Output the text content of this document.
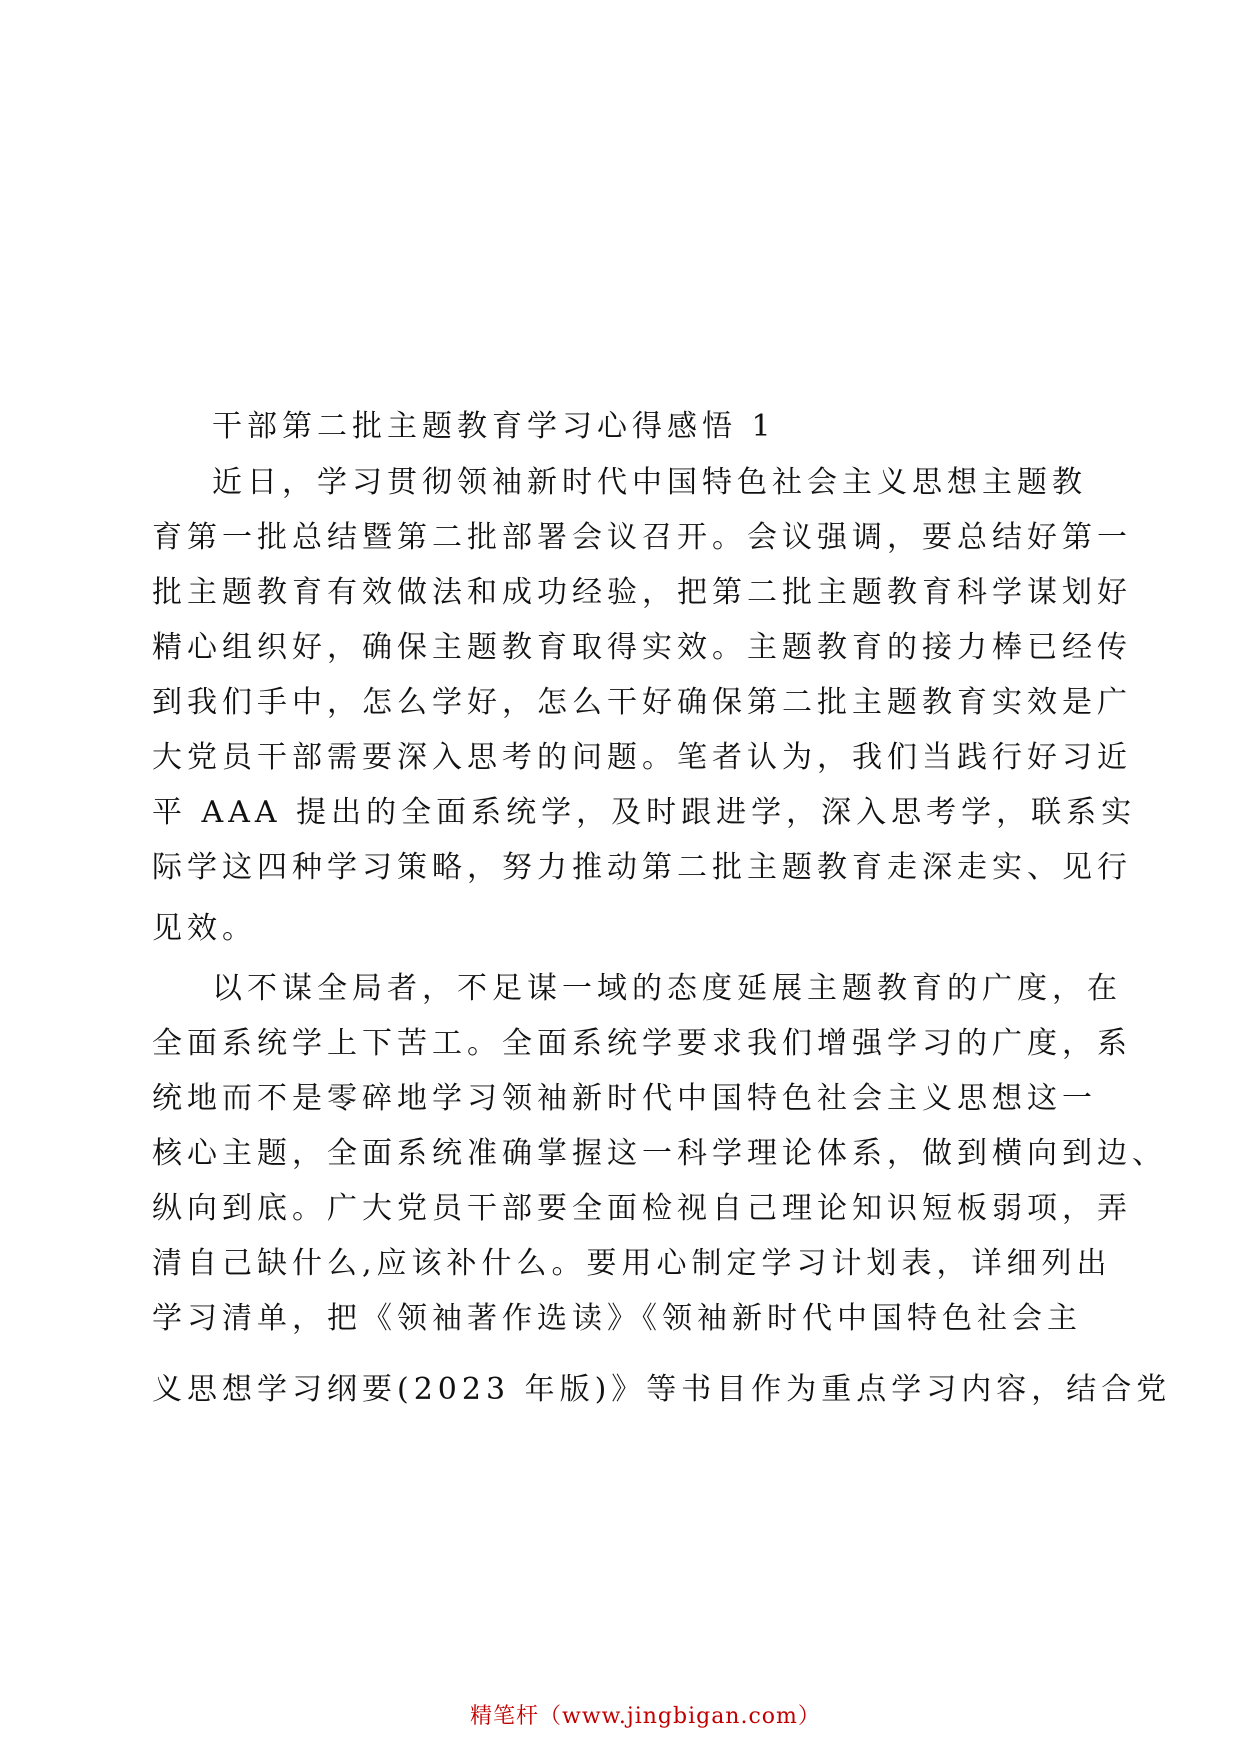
干部第二批主题教育学习心得感悟 1
近日，学习贯彻领袖新时代中国特色社会主义思想主题教
育第一批总结暨第二批部署会议召开。会议强调，要总结好第一
批主题教育有效做法和成功经验，把第二批主题教育科学谋划好
精心组织好，确保主题教育取得实效。主题教育的接力棒已经传
到我们手中，怎么学好，怎么干好确保第二批主题教育实效是广
大党员干部需要深入思考的问题。笔者认为，我们当践行好习近
平 AAA 提出的全面系统学，及时跟进学，深入思考学，联系实
际学这四种学习策略，努力推动第二批主题教育走深走实、见行
见效。
以不谋全局者，不足谋一域的态度延展主题教育的广度，在
全面系统学上下苦工。全面系统学要求我们增强学习的广度，系
统地而不是零碎地学习领袖新时代中国特色社会主义思想这一
核心主题，全面系统准确掌握这一科学理论体系，做到横向到边、
纵向到底。广大党员干部要全面检视自己理论知识短板弱项，弄
清自己缺什么,应该补什么。要用心制定学习计划表，详细列出
学习清单，把《领袖著作选读》《领袖新时代中国特色社会主
义思想学习纲要(2023 年版)》等书目作为重点学习内容，结合党
精笔杆（www.jingbigan.com）
